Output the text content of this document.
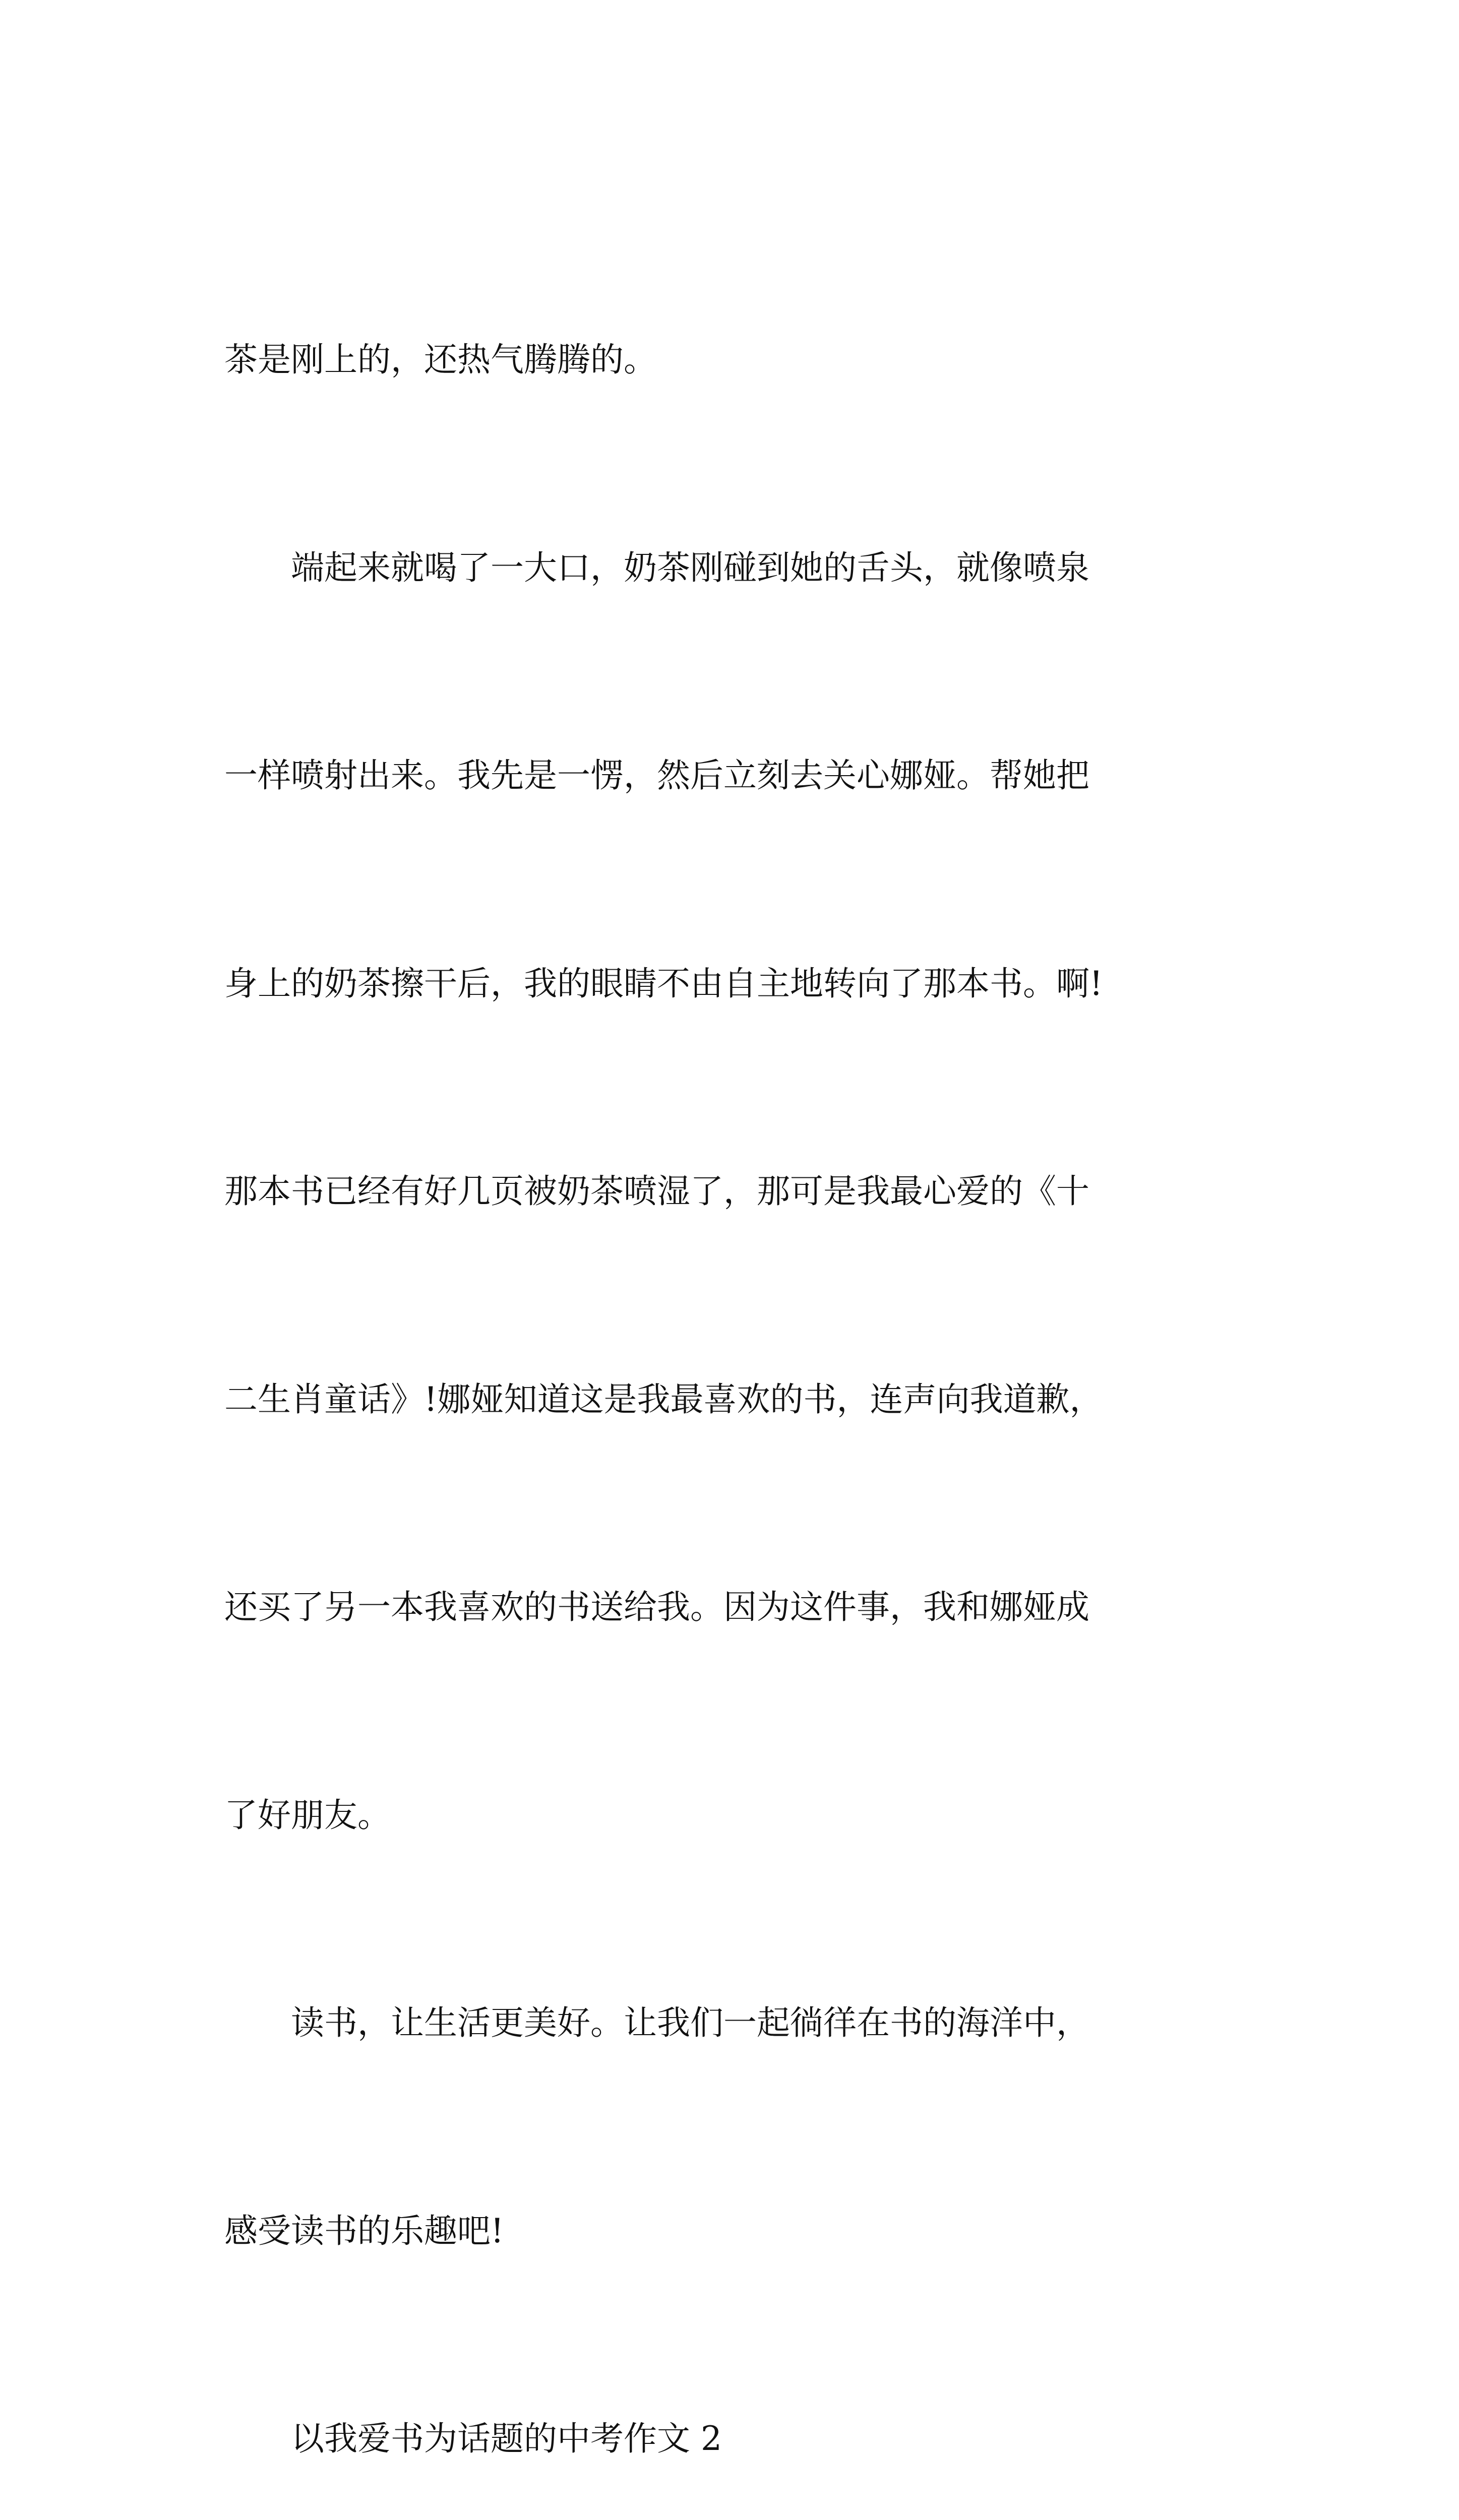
茶是刚上的，还热气腾腾的。

　　端起来就喝了一大口，奶茶刚碰到她的舌头，就像喷泉

一样喷射出来。我先是一愣，然后立刻去关心娜娅。帮她把

身上的奶茶擦干后，我的眼睛不由自主地转向了那本书。啊!

那本书已经有好几页被奶茶喷湿了，那可是我最心爱的《十

二生肖童话》!娜娅知道这是我最喜欢的书，连声向我道歉，

还买了另一本我喜欢的书送给我。因为这件事，我和娜娅成

了好朋友。

　　读书，让生活更美好。让我们一起徜徉在书的海洋中，

感受读书的乐趣吧!

　　以我爱书为话题的中考作文 2
